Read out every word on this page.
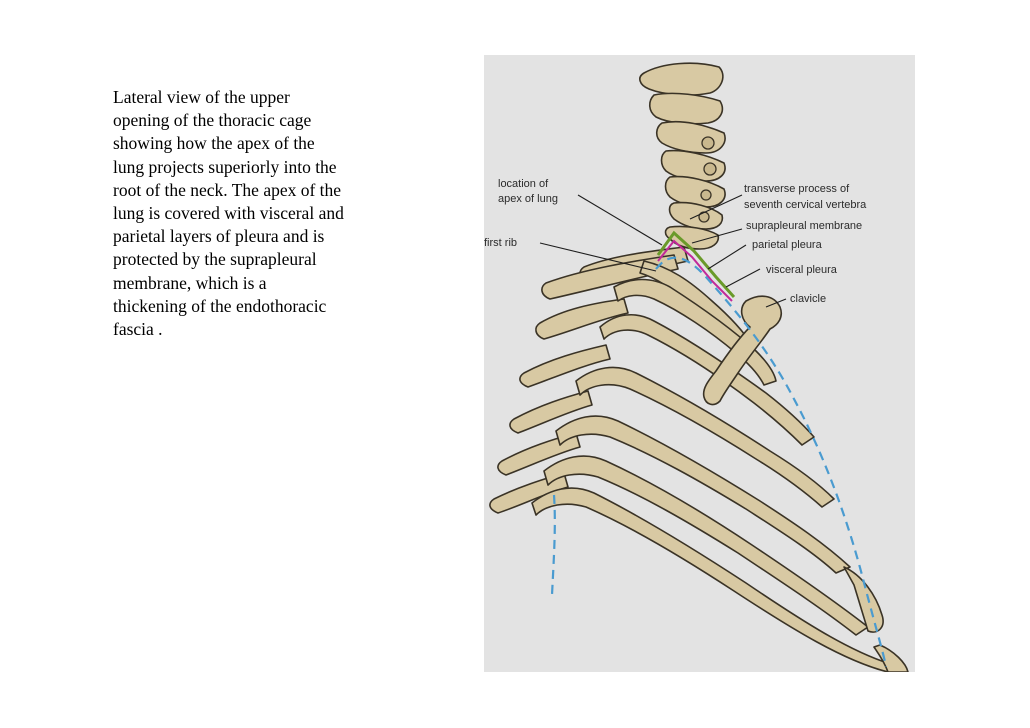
Lateral view of the upper
opening of the thoracic cage
showing how the apex of the
lung projects superiorly into the
root of the neck. The apex of the
lung is covered with visceral and
parietal layers of pleura and is
protected by the suprapleural
membrane, which is a
thickening of the endothoracic
fascia .
location of
apex of lung
first rib
transverse process of
seventh cervical vertebra
suprapleural membrane
parietal pleura
visceral pleura
clavicle
